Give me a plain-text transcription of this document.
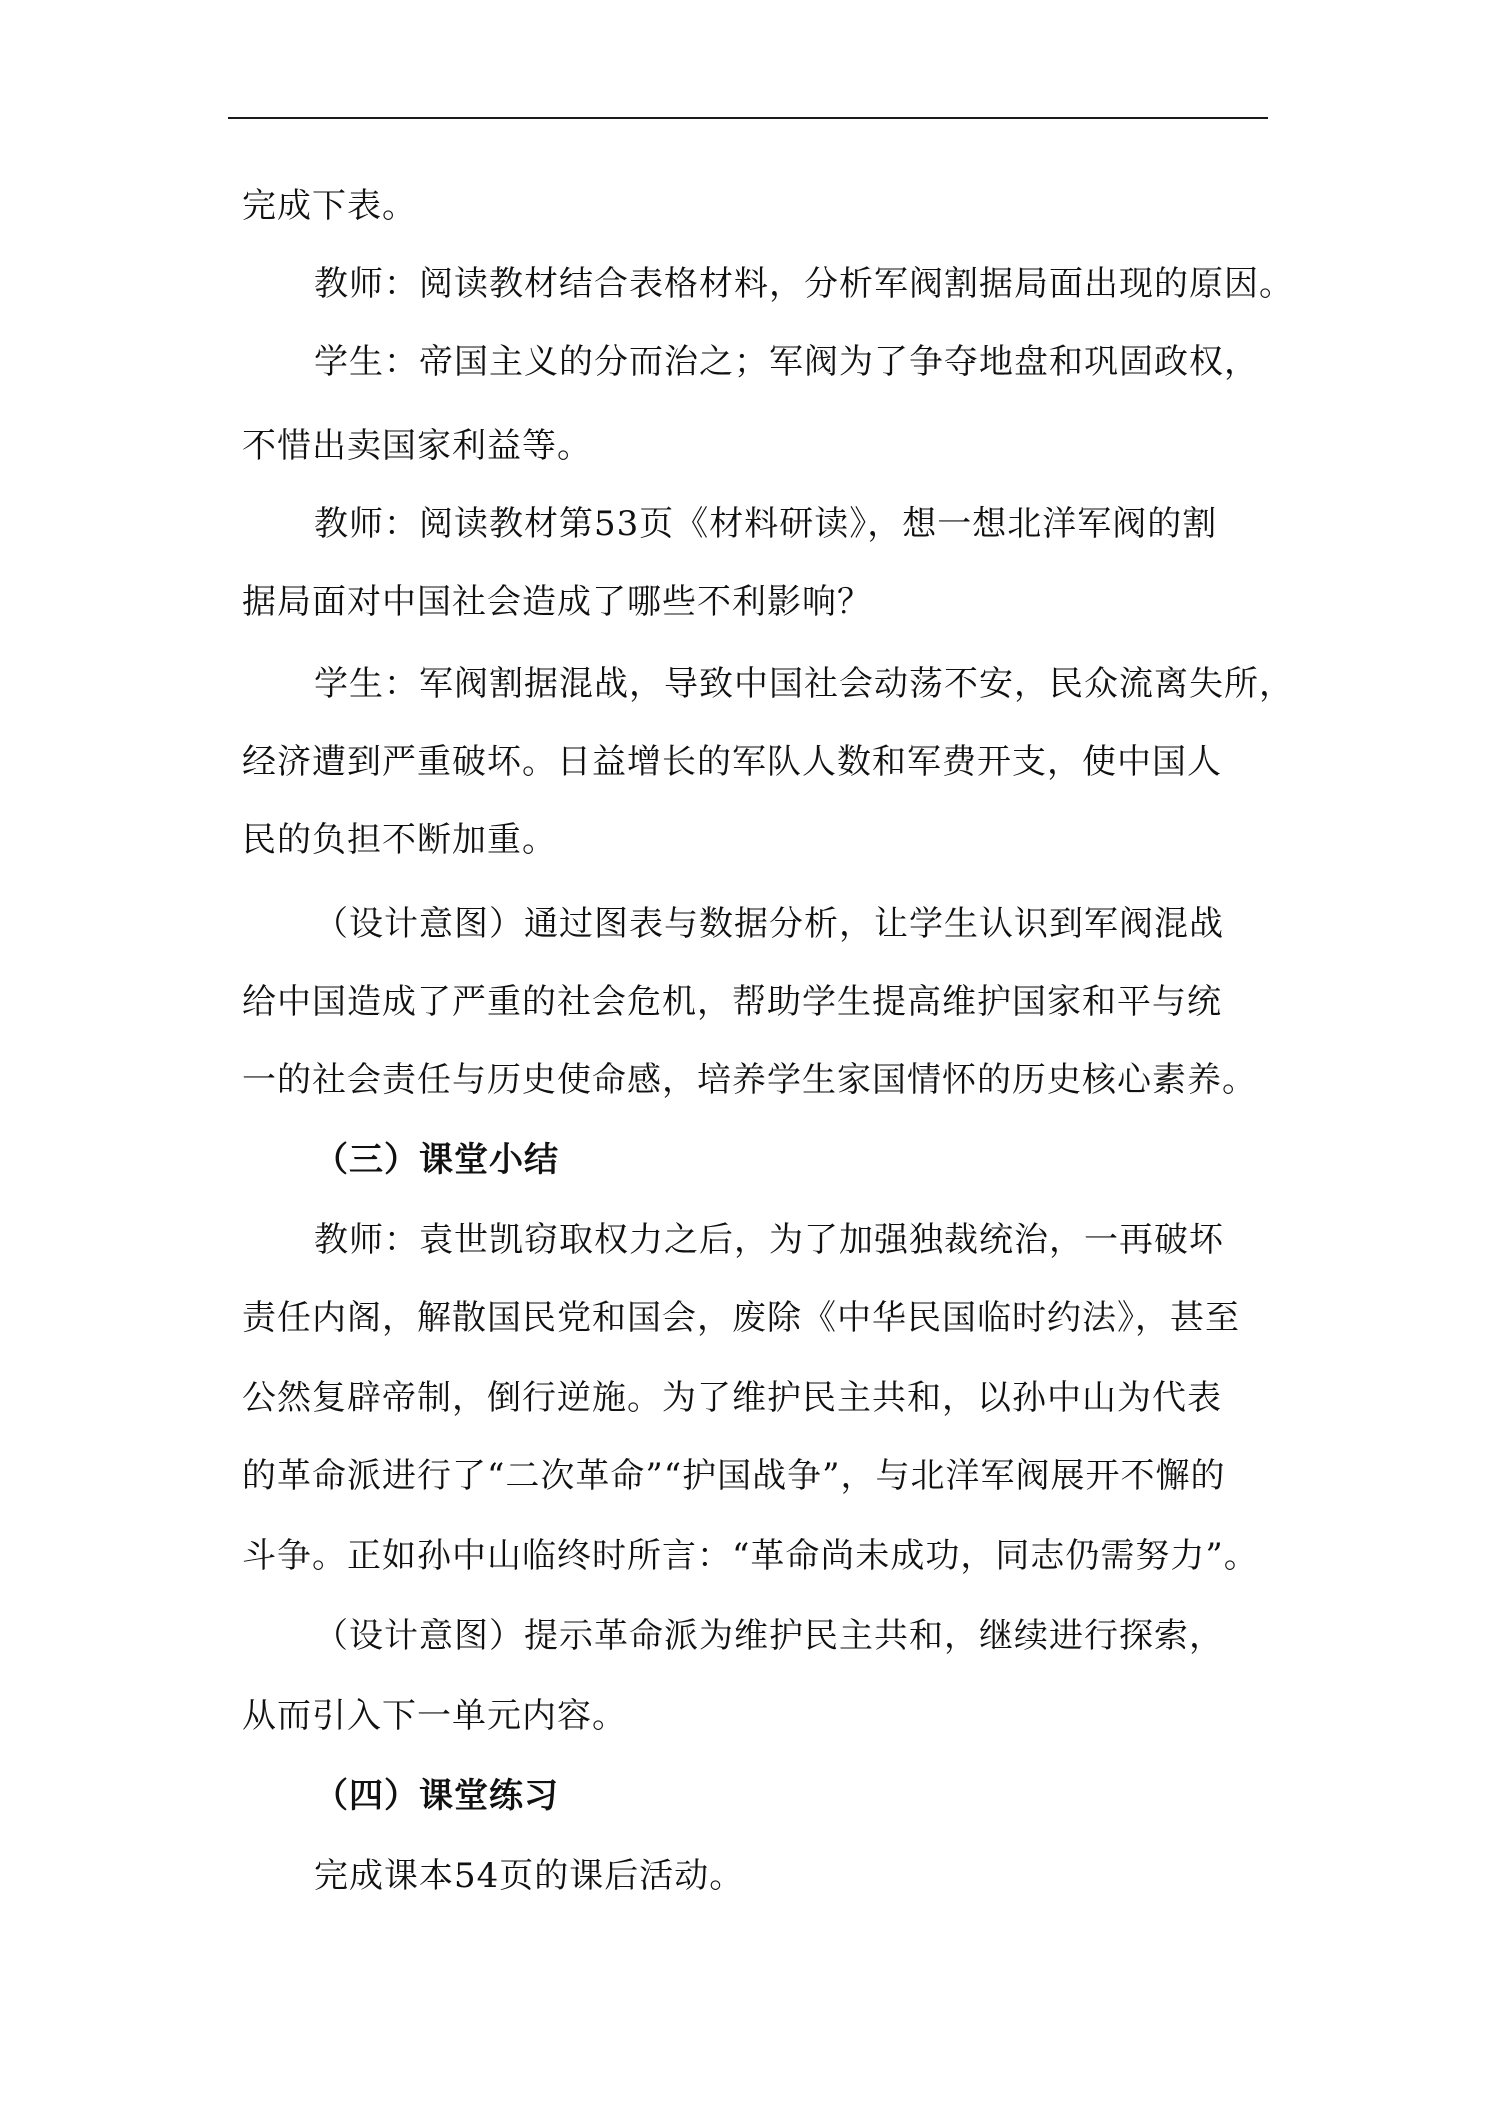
完成下表。
教师：阅读教材结合表格材料，分析军阀割据局面出现的原因。
学生：帝国主义的分而治之；军阀为了争夺地盘和巩固政权，
不惜出卖国家利益等。
教师：阅读教材第53页《材料研读》，想一想北洋军阀的割
据局面对中国社会造成了哪些不利影响？
学生：军阀割据混战，导致中国社会动荡不安，民众流离失所，
经济遭到严重破坏。日益增长的军队人数和军费开支，使中国人
民的负担不断加重。
（设计意图）通过图表与数据分析，让学生认识到军阀混战
给中国造成了严重的社会危机，帮助学生提高维护国家和平与统
一的社会责任与历史使命感，培养学生家国情怀的历史核心素养。
（三）课堂小结
教师：袁世凯窃取权力之后，为了加强独裁统治，一再破坏
责任内阁，解散国民党和国会，废除《中华民国临时约法》，甚至
公然复辟帝制，倒行逆施。为了维护民主共和，以孙中山为代表
的革命派进行了“二次革命”“护国战争”，与北洋军阀展开不懈的
斗争。正如孙中山临终时所言：“革命尚未成功，同志仍需努力”。
（设计意图）提示革命派为维护民主共和，继续进行探索，
从而引入下一单元内容。
（四）课堂练习
完成课本54页的课后活动。
